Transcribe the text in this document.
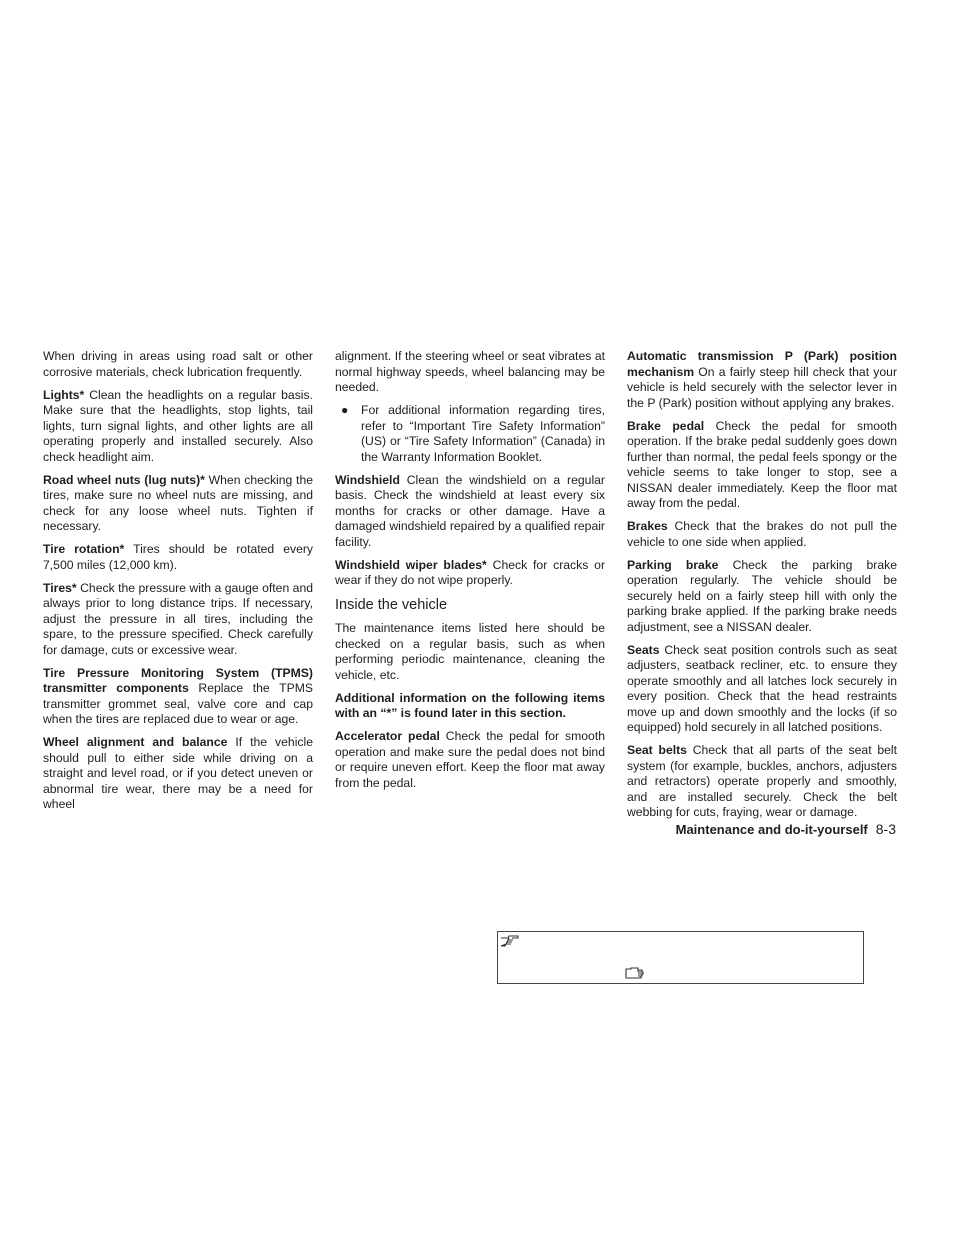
When driving in areas using road salt or other corrosive materials, check lubrication frequently.

Lights* Clean the headlights on a regular basis. Make sure that the headlights, stop lights, tail lights, turn signal lights, and other lights are all operating properly and installed securely. Also check headlight aim.

Road wheel nuts (lug nuts)* When checking the tires, make sure no wheel nuts are missing, and check for any loose wheel nuts. Tighten if necessary.

Tire rotation* Tires should be rotated every 7,500 miles (12,000 km).

Tires* Check the pressure with a gauge often and always prior to long distance trips. If necessary, adjust the pressure in all tires, including the spare, to the pressure specified. Check carefully for damage, cuts or excessive wear.

Tire Pressure Monitoring System (TPMS) transmitter components Replace the TPMS transmitter grommet seal, valve core and cap when the tires are replaced due to wear or age.

Wheel alignment and balance If the vehicle should pull to either side while driving on a straight and level road, or if you detect uneven or abnormal tire wear, there may be a need for wheel

alignment. If the steering wheel or seat vibrates at normal highway speeds, wheel balancing may be needed.

●	For additional information regarding tires, refer to “Important Tire Safety Information” (US) or “Tire Safety Information” (Canada) in the Warranty Information Booklet.

Windshield Clean the windshield on a regular basis. Check the windshield at least every six months for cracks or other damage. Have a damaged windshield repaired by a qualified repair facility.

Windshield wiper blades* Check for cracks or wear if they do not wipe properly.

Inside the vehicle

The maintenance items listed here should be checked on a regular basis, such as when performing periodic maintenance, cleaning the vehicle, etc.

Additional information on the following items with an “*” is found later in this section.

Accelerator pedal Check the pedal for smooth operation and make sure the pedal does not bind or require uneven effort. Keep the floor mat away from the pedal.

Automatic transmission P (Park) position mechanism On a fairly steep hill check that your vehicle is held securely with the selector lever in the P (Park) position without applying any brakes.

Brake pedal Check the pedal for smooth operation. If the brake pedal suddenly goes down further than normal, the pedal feels spongy or the vehicle seems to take longer to stop, see a NISSAN dealer immediately. Keep the floor mat away from the pedal.

Brakes Check that the brakes do not pull the vehicle to one side when applied.

Parking brake Check the parking brake operation regularly. The vehicle should be securely held on a fairly steep hill with only the parking brake applied. If the parking brake needs adjustment, see a NISSAN dealer.

Seats Check seat position controls such as seat adjusters, seatback recliner, etc. to ensure they operate smoothly and all latches lock securely in every position. Check that the head restraints move up and down smoothly and the locks (if so equipped) hold securely in all latched positions.

Seat belts Check that all parts of the seat belt system (for example, buckles, anchors, adjusters and retractors) operate properly and smoothly, and are installed securely. Check the belt webbing for cuts, fraying, wear or damage.

Maintenance and do-it-yourself 8-3
